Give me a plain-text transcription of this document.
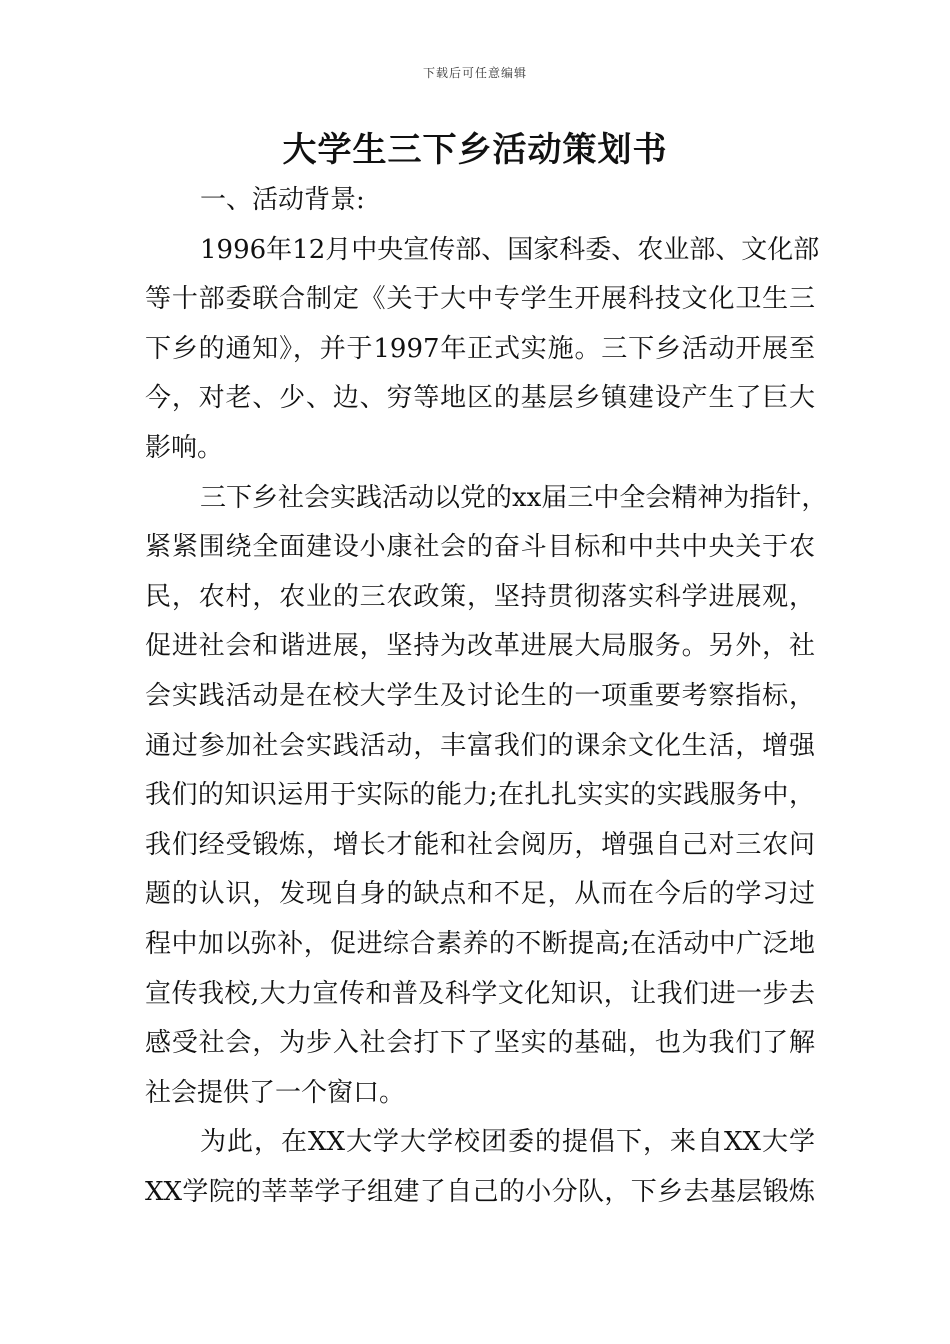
下载后可任意编辑
大学生三下乡活动策划书
一、活动背景:
1996年12月中央宣传部、国家科委、农业部、文化部
等十部委联合制定《关于大中专学生开展科技文化卫生三
下乡的通知》，并于1997年正式实施。三下乡活动开展至
今，对老、少、边、穷等地区的基层乡镇建设产生了巨大
影响。
三下乡社会实践活动以党的xx届三中全会精神为指针，
紧紧围绕全面建设小康社会的奋斗目标和中共中央关于农
民，农村，农业的三农政策，坚持贯彻落实科学进展观，
促进社会和谐进展，坚持为改革进展大局服务。另外，社
会实践活动是在校大学生及讨论生的一项重要考察指标，
通过参加社会实践活动，丰富我们的课余文化生活，增强
我们的知识运用于实际的能力;在扎扎实实的实践服务中，
我们经受锻炼，增长才能和社会阅历，增强自己对三农问
题的认识，发现自身的缺点和不足，从而在今后的学习过
程中加以弥补，促进综合素养的不断提高;在活动中广泛地
宣传我校,大力宣传和普及科学文化知识，让我们进一步去
感受社会，为步入社会打下了坚实的基础，也为我们了解
社会提供了一个窗口。
为此，在XX大学大学校团委的提倡下，来自XX大学
XX学院的莘莘学子组建了自己的小分队，下乡去基层锻炼
